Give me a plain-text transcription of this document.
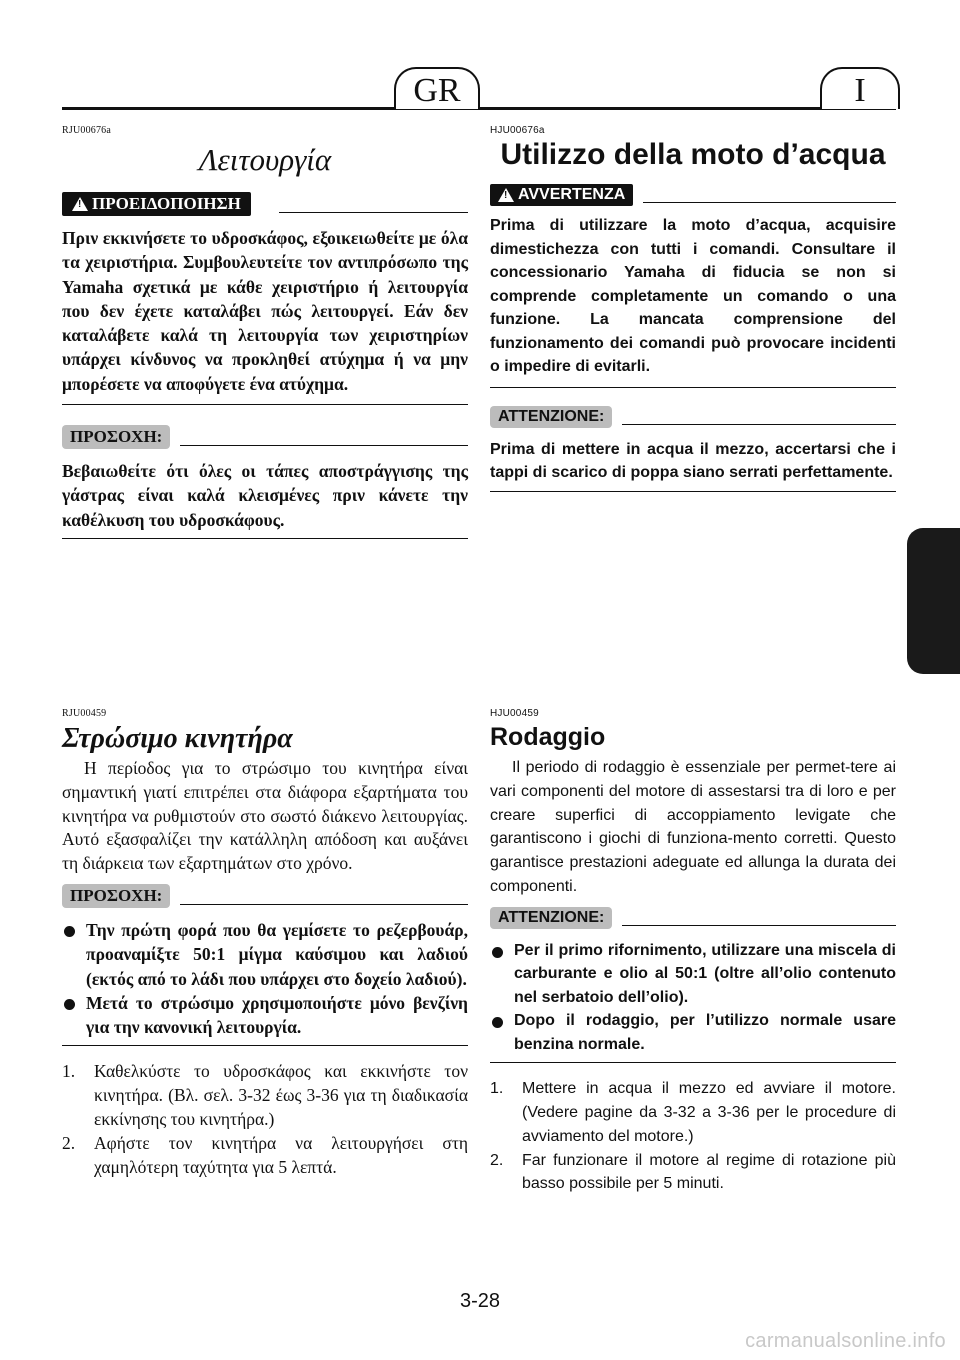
GR	I
RJU00676a
Λειτουργία
! ΠΡΟΕΙΔΟΠΟΙΗΣΗ
Πριν εκκινήσετε το υδροσκάφος, εξοικειωθείτε με όλα τα χειριστήρια. Συμβουλευτείτε τον αντιπρόσωπο της Yamaha σχετικά με κάθε χειριστήριο ή λειτουργία που δεν έχετε καταλάβει πώς λειτουργεί. Εάν δεν καταλάβετε καλά τη λειτουργία των χειριστηρίων υπάρχει κίνδυνος να προκληθεί ατύχημα ή να μην μπορέσετε να αποφύγετε ένα ατύχημα.
ΠΡΟΣΟΧΗ:
Βεβαιωθείτε ότι όλες οι τάπες αποστράγγισης της γάστρας είναι καλά κλεισμένες πριν κάνετε την καθέλκυση του υδροσκάφους.
HJU00676a
Utilizzo della moto d’acqua
! AVVERTENZA
Prima di utilizzare la moto d’acqua, acquisire dimestichezza con tutti i comandi. Consultare il concessionario Yamaha di fiducia se non si comprende completamente un comando o una funzione. La mancata comprensione del funzionamento dei comandi può provocare incidenti o impedire di evitarli.
ATTENZIONE:
Prima di mettere in acqua il mezzo, accertarsi che i tappi di scarico di poppa siano serrati perfettamente.
RJU00459
Στρώσιμο κινητήρα
Η περίοδος για το στρώσιμο του κινητήρα είναι σημαντική γιατί επιτρέπει στα διάφορα εξαρτήματα του κινητήρα να ρυθμιστούν στο σωστό διάκενο λειτουργίας. Αυτό εξασφαλίζει την κατάλληλη απόδοση και αυξάνει τη διάρκεια των εξαρτημάτων στο χρόνο.
ΠΡΟΣΟΧΗ:
Την πρώτη φορά που θα γεμίσετε το ρεζερβουάρ, προαναμίξτε 50:1 μίγμα καύσιμου και λαδιού (εκτός από το λάδι που υπάρχει στο δοχείο λαδιού).
Μετά το στρώσιμο χρησιμοποιήστε μόνο βενζίνη για την κανονική λειτουργία.
1. Καθελκύστε το υδροσκάφος και εκκινήστε τον κινητήρα. (Βλ. σελ. 3-32 έως 3-36 για τη διαδικασία εκκίνησης του κινητήρα.)
2. Αφήστε τον κινητήρα να λειτουργήσει στη χαμηλότερη ταχύτητα για 5 λεπτά.
HJU00459
Rodaggio
Il periodo di rodaggio è essenziale per permet-tere ai vari componenti del motore di assestarsi tra di loro e per creare superfici di accoppiamento levigate che garantiscono i giochi di funziona-mento corretti. Questo garantisce prestazioni adeguate ed allunga la durata dei componenti.
ATTENZIONE:
Per il primo rifornimento, utilizzare una miscela di carburante e olio al 50:1 (oltre all’olio contenuto nel serbatoio dell’olio).
Dopo il rodaggio, per l’utilizzo normale usare benzina normale.
1. Mettere in acqua il mezzo ed avviare il motore. (Vedere pagine da 3-32 a 3-36 per le procedure di avviamento del motore.)
2. Far funzionare il motore al regime di rotazione più basso possibile per 5 minuti.
3-28
carmanualsonline.info
